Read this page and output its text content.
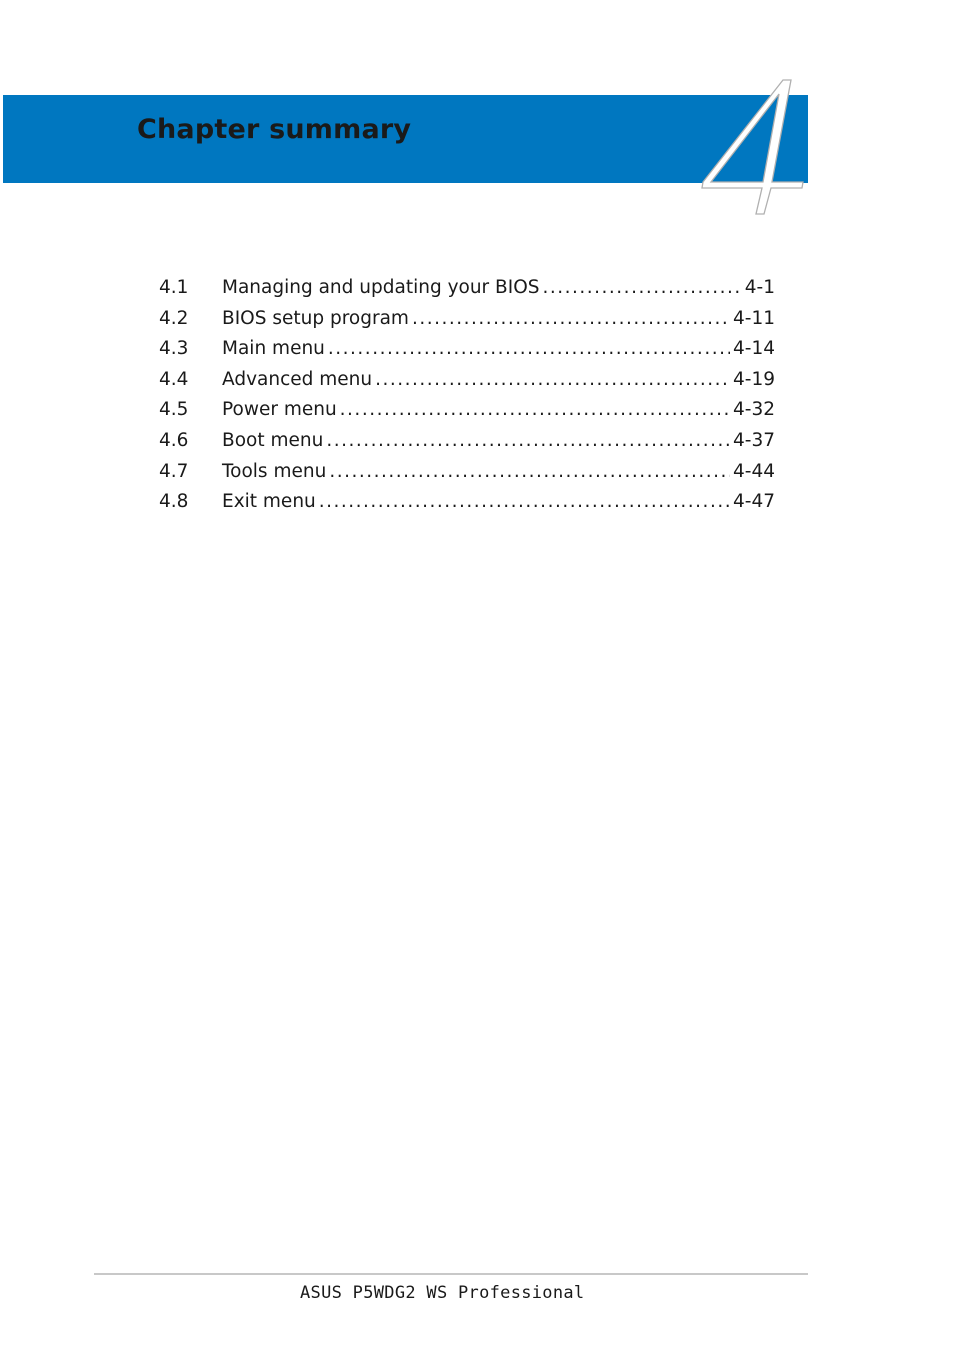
Chapter summary
4.1	Managing and updating your BIOS .....	4-1
4.2	BIOS setup program .....	4-11
4.3	Main menu .....	4-14
4.4	Advanced menu .....	4-19
4.5	Power menu .....	4-32
4.6	Boot menu .....	4-37
4.7	Tools menu .....	4-44
4.8	Exit menu .....	4-47

ASUS P5WDG2 WS Professional
